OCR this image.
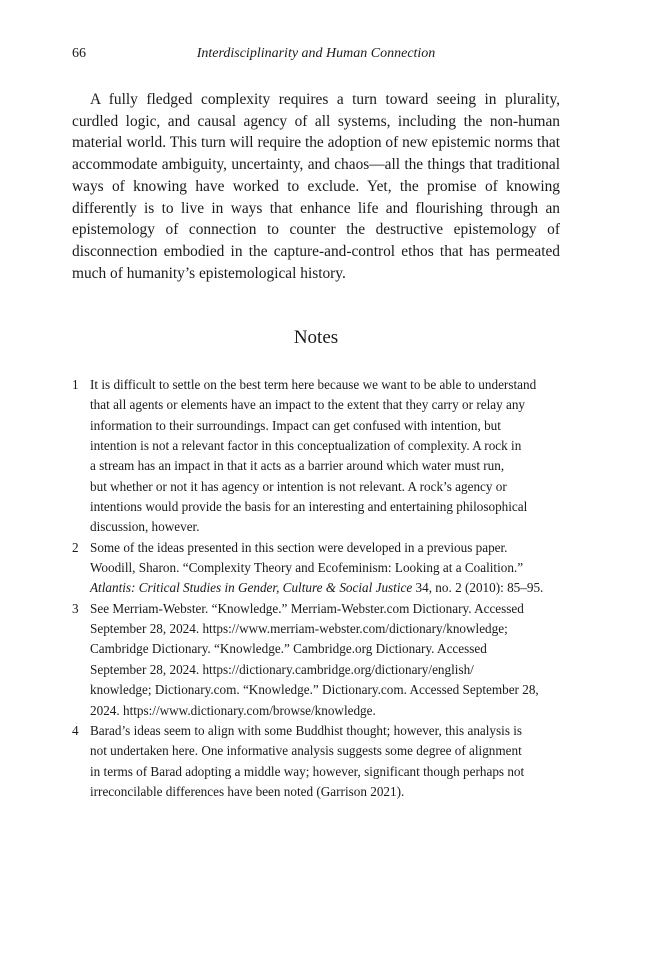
66	Interdisciplinarity and Human Connection

A fully fledged complexity requires a turn toward seeing in plurality, curdled logic, and causal agency of all systems, including the non-human material world. This turn will require the adoption of new epistemic norms that accommodate ambiguity, uncertainty, and chaos—all the things that traditional ways of knowing have worked to exclude. Yet, the promise of knowing differently is to live in ways that enhance life and flourishing through an epistemology of connection to counter the destructive epistemology of disconnection embodied in the capture-and-control ethos that has permeated much of humanity’s epistemological history.

Notes
1 It is difficult to settle on the best term here because we want to be able to understand
that all agents or elements have an impact to the extent that they carry or relay any
information to their surroundings. Impact can get confused with intention, but
intention is not a relevant factor in this conceptualization of complexity. A rock in
a stream has an impact in that it acts as a barrier around which water must run,
but whether or not it has agency or intention is not relevant. A rock’s agency or
intentions would provide the basis for an interesting and entertaining philosophical
discussion, however.
2 Some of the ideas presented in this section were developed in a previous paper.
Woodill, Sharon. “Complexity Theory and Ecofeminism: Looking at a Coalition.”
Atlantis: Critical Studies in Gender, Culture & Social Justice 34, no. 2 (2010): 85–95.
3 See Merriam-Webster. “Knowledge.” Merriam-Webster.com Dictionary. Accessed
September 28, 2024. https://www.merriam-webster.com/dictionary/knowledge;
Cambridge Dictionary. “Knowledge.” Cambridge.org Dictionary. Accessed
September 28, 2024. https://dictionary.cambridge.org/dictionary/english/
knowledge; Dictionary.com. “Knowledge.” Dictionary.com. Accessed September 28,
2024. https://www.dictionary.com/browse/knowledge.
4 Barad’s ideas seem to align with some Buddhist thought; however, this analysis is
not undertaken here. One informative analysis suggests some degree of alignment
in terms of Barad adopting a middle way; however, significant though perhaps not
irreconcilable differences have been noted (Garrison 2021).
